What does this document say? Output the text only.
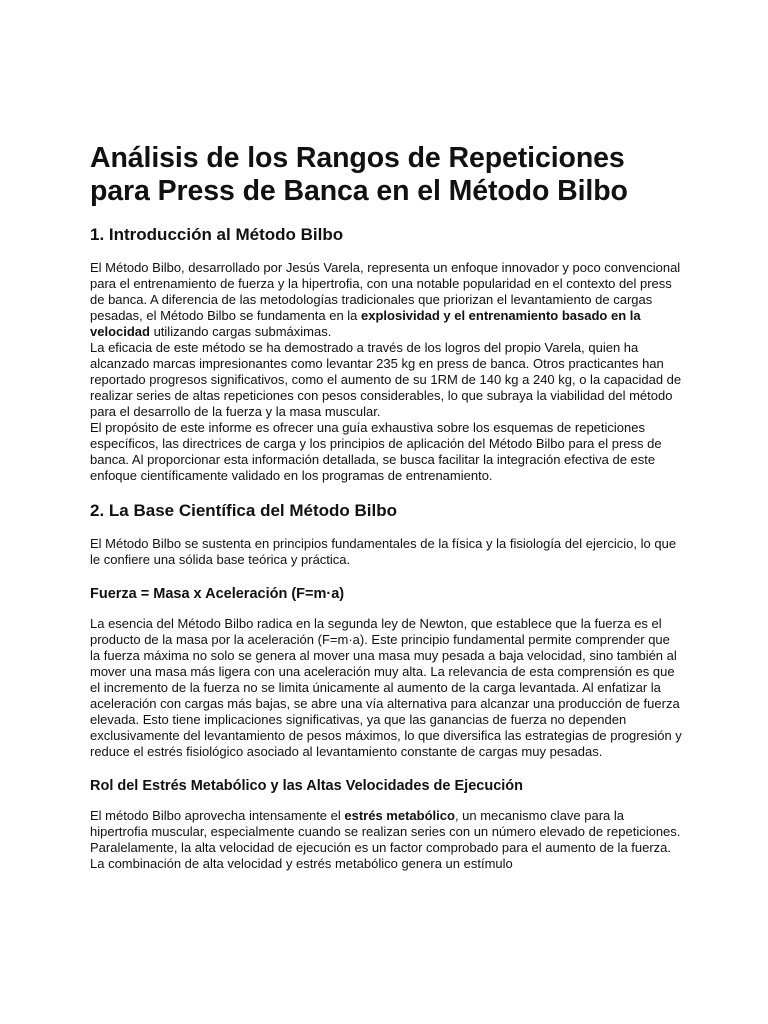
Análisis de los Rangos de Repeticiones para Press de Banca en el Método Bilbo
1. Introducción al Método Bilbo

El Método Bilbo, desarrollado por Jesús Varela, representa un enfoque innovador y poco convencional para el entrenamiento de fuerza y la hipertrofia, con una notable popularidad en el contexto del press de banca. A diferencia de las metodologías tradicionales que priorizan el levantamiento de cargas pesadas, el Método Bilbo se fundamenta en la explosividad y el entrenamiento basado en la velocidad utilizando cargas submáximas.

La eficacia de este método se ha demostrado a través de los logros del propio Varela, quien ha alcanzado marcas impresionantes como levantar 235 kg en press de banca. Otros practicantes han reportado progresos significativos, como el aumento de su 1RM de 140 kg a 240 kg, o la capacidad de realizar series de altas repeticiones con pesos considerables, lo que subraya la viabilidad del método para el desarrollo de la fuerza y la masa muscular.

El propósito de este informe es ofrecer una guía exhaustiva sobre los esquemas de repeticiones específicos, las directrices de carga y los principios de aplicación del Método Bilbo para el press de banca. Al proporcionar esta información detallada, se busca facilitar la integración efectiva de este enfoque científicamente validado en los programas de entrenamiento.

2. La Base Científica del Método Bilbo

El Método Bilbo se sustenta en principios fundamentales de la física y la fisiología del ejercicio, lo que le confiere una sólida base teórica y práctica.

Fuerza = Masa x Aceleración (F=m·a)

La esencia del Método Bilbo radica en la segunda ley de Newton, que establece que la fuerza es el producto de la masa por la aceleración (F=m·a). Este principio fundamental permite comprender que la fuerza máxima no solo se genera al mover una masa muy pesada a baja velocidad, sino también al mover una masa más ligera con una aceleración muy alta. La relevancia de esta comprensión es que el incremento de la fuerza no se limita únicamente al aumento de la carga levantada. Al enfatizar la aceleración con cargas más bajas, se abre una vía alternativa para alcanzar una producción de fuerza elevada. Esto tiene implicaciones significativas, ya que las ganancias de fuerza no dependen exclusivamente del levantamiento de pesos máximos, lo que diversifica las estrategias de progresión y reduce el estrés fisiológico asociado al levantamiento constante de cargas muy pesadas.

Rol del Estrés Metabólico y las Altas Velocidades de Ejecución

El método Bilbo aprovecha intensamente el estrés metabólico, un mecanismo clave para la hipertrofia muscular, especialmente cuando se realizan series con un número elevado de repeticiones. Paralelamente, la alta velocidad de ejecución es un factor comprobado para el aumento de la fuerza. La combinación de alta velocidad y estrés metabólico genera un estímulo
